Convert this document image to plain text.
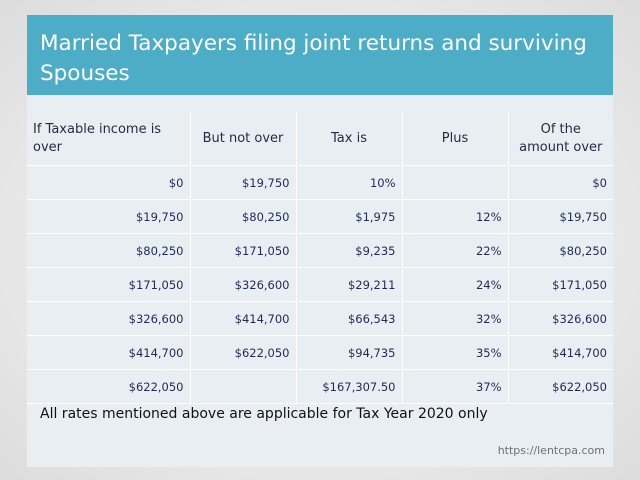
Married Taxpayers filing joint returns and surviving Spouses
If Taxable income is over	But not over	Tax is	Plus	Of the amount over
$0	$19,750	10%		$0
$19,750	$80,250	$1,975	12%	$19,750
$80,250	$171,050	$9,235	22%	$80,250
$171,050	$326,600	$29,211	24%	$171,050
$326,600	$414,700	$66,543	32%	$326,600
$414,700	$622,050	$94,735	35%	$414,700
$622,050		$167,307.50	37%	$622,050

All rates mentioned above are applicable for Tax Year 2020 only

https://lentcpa.com
